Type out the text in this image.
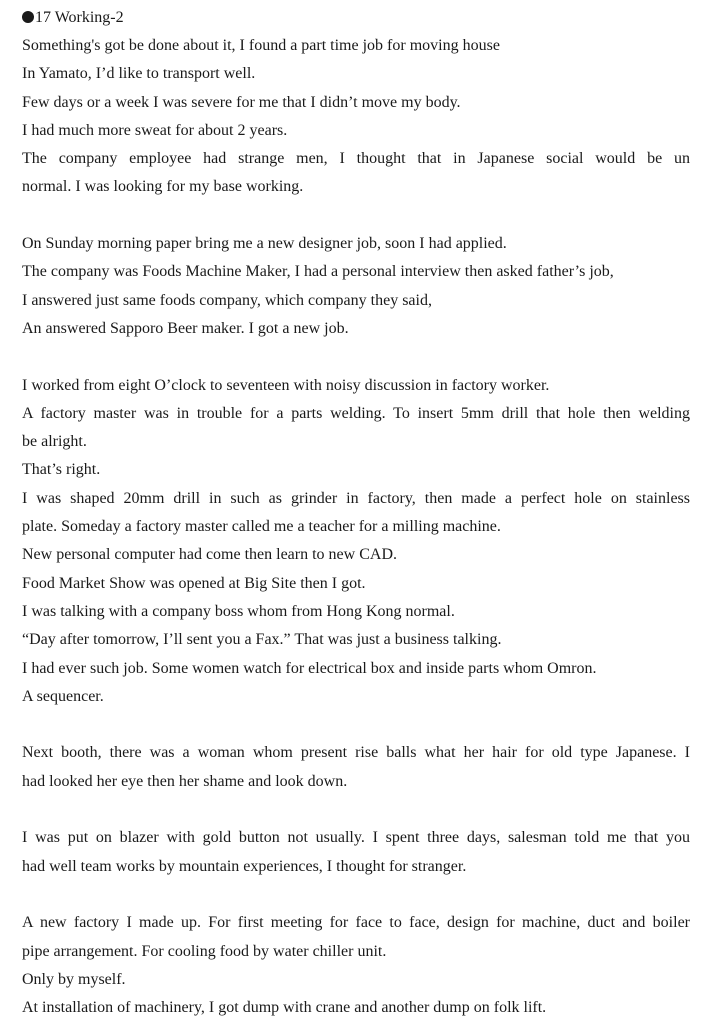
17 Working-2
Something's got be done about it, I found a part time job for moving house
In Yamato, I’d like to transport well.
Few days or a week I was severe for me that I didn’t move my body.
I had much more sweat for about 2 years.
The company employee had strange men, I thought that in Japanese social would be un
normal. I was looking for my base working.
On Sunday morning paper bring me a new designer job, soon I had applied.
The company was Foods Machine Maker, I had a personal interview then asked father’s job,
I answered just same foods company, which company they said,
An answered Sapporo Beer maker. I got a new job.
I worked from eight O’clock to seventeen with noisy discussion in factory worker.
A factory master was in trouble for a parts welding. To insert 5mm drill that hole then welding
be alright.
That’s right.
I was shaped 20mm drill in such as grinder in factory, then made a perfect hole on stainless
plate. Someday a factory master called me a teacher for a milling machine.
New personal computer had come then learn to new CAD.
Food Market Show was opened at Big Site then I got.
I was talking with a company boss whom from Hong Kong normal.
“Day after tomorrow, I’ll sent you a Fax.” That was just a business talking.
I had ever such job. Some women watch for electrical box and inside parts whom Omron.
A sequencer.
Next booth, there was a woman whom present rise balls what her hair for old type Japanese. I
had looked her eye then her shame and look down.
I was put on blazer with gold button not usually. I spent three days, salesman told me that you
had well team works by mountain experiences, I thought for stranger.
A new factory I made up. For first meeting for face to face, design for machine, duct and boiler
pipe arrangement. For cooling food by water chiller unit.
Only by myself.
At installation of machinery, I got dump with crane and another dump on folk lift.
